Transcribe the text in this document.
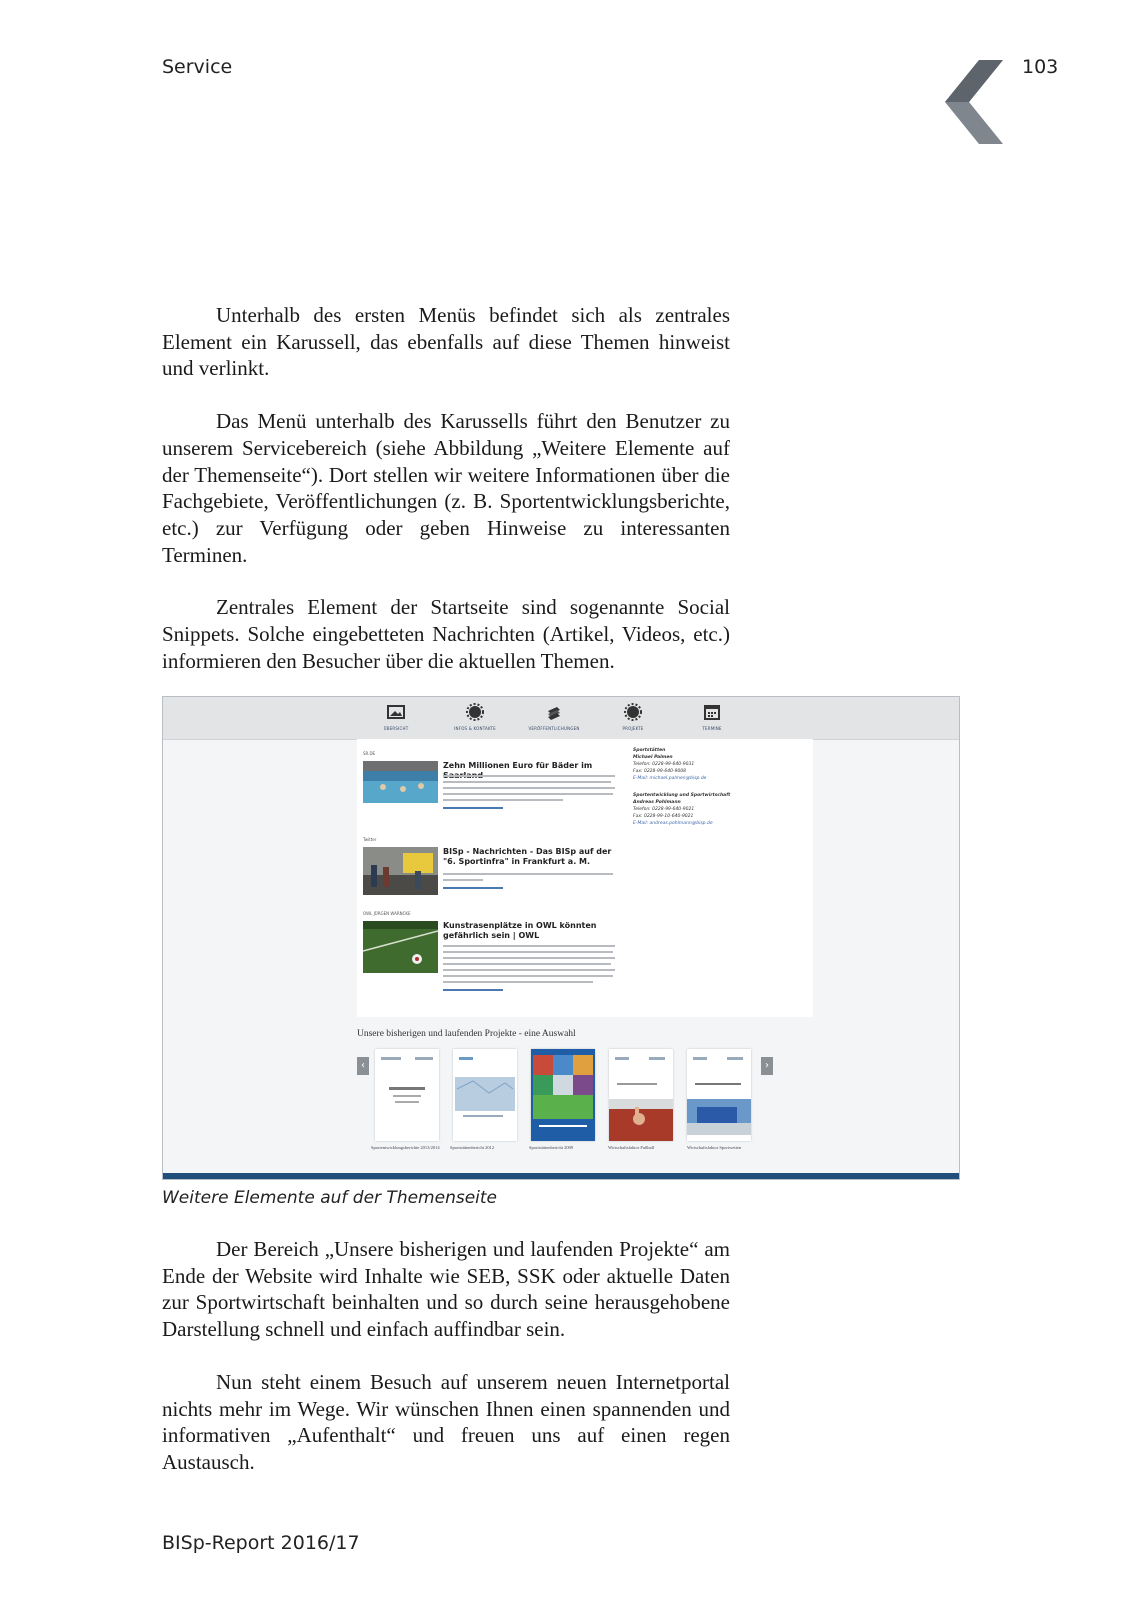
Service	103

Unterhalb des ersten Menüs befindet sich als zentrales Element ein Karussell, das ebenfalls auf diese Themen hinweist und verlinkt.

Das Menü unterhalb des Karussells führt den Benutzer zu unserem Servicebereich (siehe Abbildung „Weitere Elemente auf der Themenseite“). Dort stellen wir weitere Informationen über die Fachgebiete, Veröffentlichungen (z. B. Sportentwicklungsberichte, etc.) zur Verfügung oder geben Hinweise zu interessanten Terminen.

Zentrales Element der Startseite sind sogenannte Social Snippets. Solche eingebetteten Nachrichten (Artikel, Videos, etc.) informieren den Besucher über die aktuellen Themen.

ÜBERSICHT	INFOS & KONTAKTE	VERÖFFENTLICHUNGEN	PROJEKTE	TERMINE
SR.DE
Zehn Millionen Euro für Bäder im
Twitter
BISp - Nachrichten - Das BISp auf der "6. Sportinfra" in Frankfurt a. M.
OWL JÜRGEN WARNCKE
Kunstrasenplätze in OWL könnten gefährlich sein | OWL
Sportstätten
Michael Palmen
Telefon: 0228-99-640-9031
Fax: 0228-99-640-9008
E-Mail: michael.palmen@bisp.de
Sportentwicklung und Sportwirtschaft
Andreas Pohlmann
Telefon: 0228-99-640-9021
Fax: 0228-99-10-640-9021
E-Mail: andreas.pohlmann@bisp.de
Unsere bisherigen und laufenden Projekte - eine Auswahl
‹	›
Sportentwicklungsberichte 2013/2014	Sportstättenbericht 2012	Sportstättenbericht 2009	Wirtschaftsfaktor Fußball	Wirtschaftsfaktor Sportwetten
Weitere Elemente auf der Themenseite

Der Bereich „Unsere bisherigen und laufenden Projekte“ am Ende der Website wird Inhalte wie SEB, SSK oder aktuelle Daten zur Sportwirtschaft beinhalten und so durch seine herausgehobene Darstellung schnell und einfach auffindbar sein.

Nun steht einem Besuch auf unserem neuen Internetportal nichts mehr im Wege. Wir wünschen Ihnen einen spannenden und informativen „Aufenthalt“ und freuen uns auf einen regen Austausch.

BISp-Report 2016/17
